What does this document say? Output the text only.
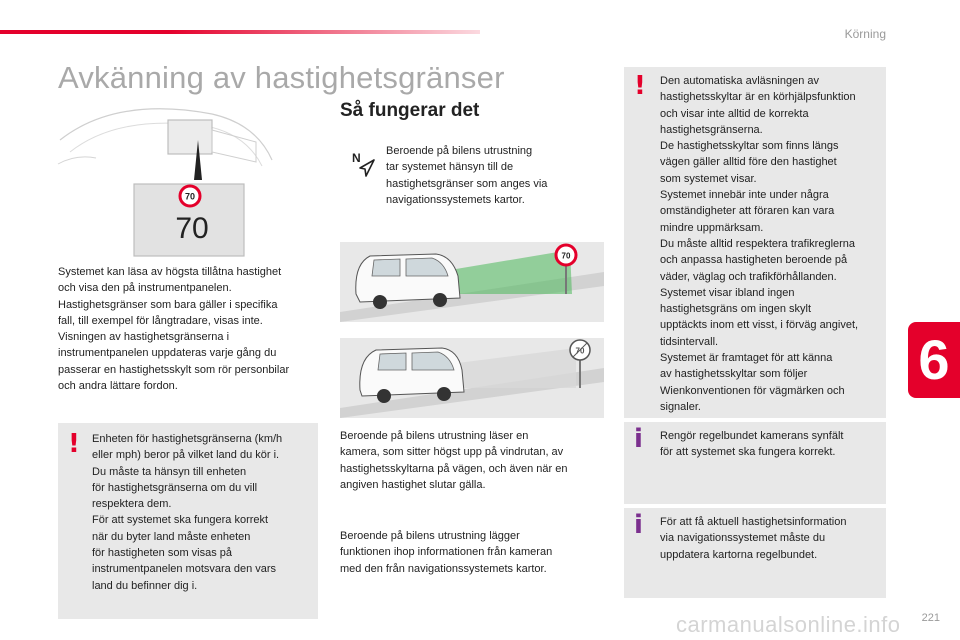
Körning
Avkänning av hastighetsgränser
70
70

Systemet kan läsa av högsta tillåtna hastighet

och visa den på instrumentpanelen.

Hastighetsgränser som bara gäller i specifika

fall, till exempel för långtradare, visas inte.

Visningen av hastighetsgränserna i

instrumentpanelen uppdateras varje gång du

passerar en hastighetsskylt som rör personbilar

och andra lättare fordon.

! Enheten för hastighetsgränserna (km/h

eller mph) beror på vilket land du kör i.

Du måste ta hänsyn till enheten

för hastighetsgränserna om du vill

respektera dem.

För att systemet ska fungera korrekt

när du byter land måste enheten

för hastigheten som visas på

instrumentpanelen motsvara den vars

land du befinner dig i.

Så fungerar det
N Beroende på bilens utrustning

tar systemet hänsyn till de

hastighetsgränser som anges via

navigationssystemets kartor.

70
70

Beroende på bilens utrustning läser en

kamera, som sitter högst upp på vindrutan, av

hastighetsskyltarna på vägen, och även när en

angiven hastighet slutar gälla.

Beroende på bilens utrustning lägger

funktionen ihop informationen från kameran

med den från navigationssystemets kartor.

! Den automatiska avläsningen av

hastighetsskyltar är en körhjälpsfunktion

och visar inte alltid de korrekta

hastighetsgränserna.

De hastighetsskyltar som finns längs

vägen gäller alltid före den hastighet

som systemet visar.

Systemet innebär inte under några

omständigheter att föraren kan vara

mindre uppmärksam.

Du måste alltid respektera trafikreglerna

och anpassa hastigheten beroende på

väder, väglag och trafikförhållanden.

Systemet visar ibland ingen

hastighetsgräns om ingen skylt

upptäckts inom ett visst, i förväg angivet,

tidsintervall.

Systemet är framtaget för att känna

av hastighetsskyltar som följer

Wienkonventionen för vägmärken och

signaler.

i Rengör regelbundet kamerans synfält

för att systemet ska fungera korrekt.

i För att få aktuell hastighetsinformation

via navigationssystemet måste du

uppdatera kartorna regelbundet.

6
carmanualsonline.info 221
